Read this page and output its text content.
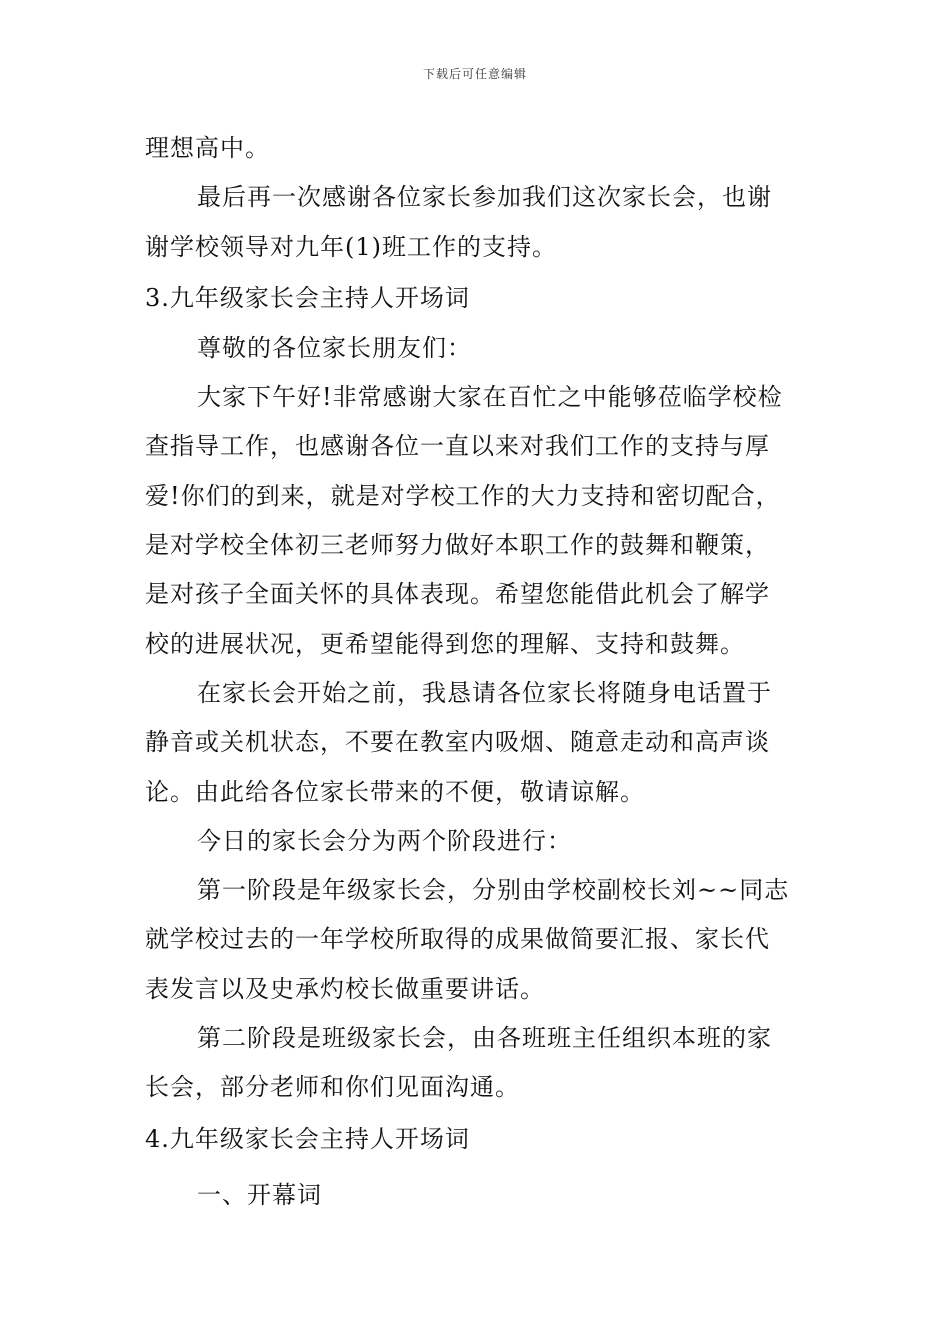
下载后可任意编辑
理想高中。
最后再一次感谢各位家长参加我们这次家长会，也谢
谢学校领导对九年(1)班工作的支持。
3.九年级家长会主持人开场词
尊敬的各位家长朋友们：
大家下午好!非常感谢大家在百忙之中能够莅临学校检
查指导工作，也感谢各位一直以来对我们工作的支持与厚
爱!你们的到来，就是对学校工作的大力支持和密切配合，
是对学校全体初三老师努力做好本职工作的鼓舞和鞭策，
是对孩子全面关怀的具体表现。希望您能借此机会了解学
校的进展状况，更希望能得到您的理解、支持和鼓舞。
在家长会开始之前，我恳请各位家长将随身电话置于
静音或关机状态，不要在教室内吸烟、随意走动和高声谈
论。由此给各位家长带来的不便，敬请谅解。
今日的家长会分为两个阶段进行：
第一阶段是年级家长会，分别由学校副校长刘~~同志
就学校过去的一年学校所取得的成果做简要汇报、家长代
表发言以及史承灼校长做重要讲话。
第二阶段是班级家长会，由各班班主任组织本班的家
长会，部分老师和你们见面沟通。
4.九年级家长会主持人开场词
一、开幕词
